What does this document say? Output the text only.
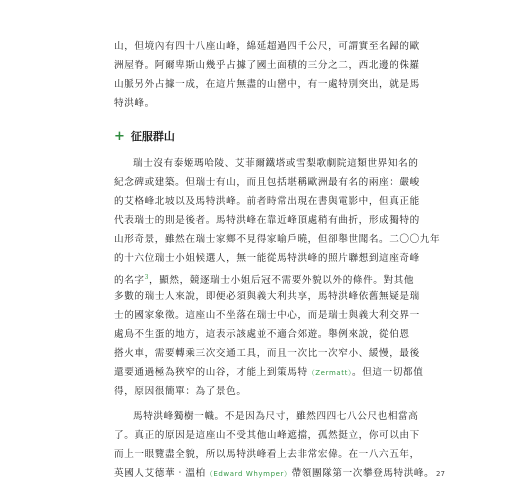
山，但境內有四十八座山峰，綿延超過四千公尺，可謂實至名歸的歐
洲屋脊。阿爾卑斯山幾乎占據了國土面積的三分之二，西北邊的侏羅
山脈另外占據一成，在這片無盡的山巒中，有一處特別突出，就是馬
特洪峰。

+ 征服群山

瑞士沒有泰姬瑪哈陵、艾菲爾鐵塔或雪梨歌劇院這類世界知名的
紀念碑或建築。但瑞士有山，而且包括堪稱歐洲最有名的兩座：嚴峻
的艾格峰北坡以及馬特洪峰。前者時常出現在書與電影中，但真正能
代表瑞士的則是後者。馬特洪峰在靠近峰頂處稍有曲折，形成獨特的
山形奇景，雖然在瑞士家鄉不見得家喻戶曉，但卻舉世聞名。二〇〇九年
的十六位瑞士小姐候選人，無一能從馬特洪峰的照片聯想到這座奇峰
的名字$^3$，顯然，競逐瑞士小姐后冠不需要外貌以外的條件。對其他
多數的瑞士人來說，即便必須與義大利共享，馬特洪峰依舊無疑是瑞
士的國家象徵。這座山不坐落在瑞士中心，而是瑞士與義大利交界一
處鳥不生蛋的地方，這表示該處並不適合郊遊。舉例來說，從伯恩
搭火車，需要轉乘三次交通工具，而且一次比一次窄小、緩慢，最後
還要通過極為狹窄的山谷，才能上到策馬特（Zermatt）。但這一切都值
得，原因很簡單：為了景色。

馬特洪峰獨樹一幟。不是因為尺寸，雖然四四七八公尺也相當高
了。真正的原因是這座山不受其他山峰遮擋，孤然挺立，你可以由下
而上一眼覽盡全貌，所以馬特洪峰看上去非常宏偉。在一八六五年，
英國人艾德華‧溫柏（Edward Whymper）帶領團隊第一次攀登馬特洪峰。 27
